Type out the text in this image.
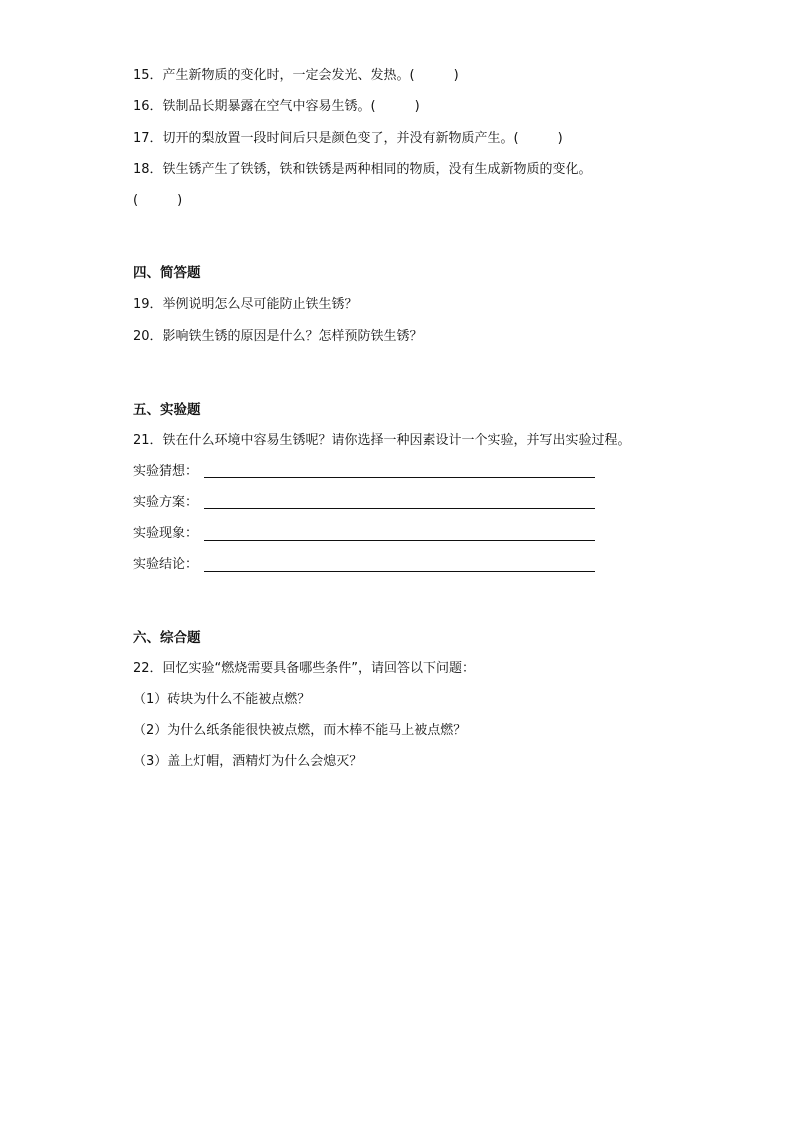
15．产生新物质的变化时，一定会发光、发热。(　　　)
16．铁制品长期暴露在空气中容易生锈。(　　　)
17．切开的梨放置一段时间后只是颜色变了，并没有新物质产生。(　　　)
18．铁生锈产生了铁锈，铁和铁锈是两种相同的物质，没有生成新物质的变化。
(　　　)
四、简答题
19．举例说明怎么尽可能防止铁生锈？
20．影响铁生锈的原因是什么？怎样预防铁生锈？
五、实验题
21．铁在什么环境中容易生锈呢？请你选择一种因素设计一个实验，并写出实验过程。
实验猜想：
实验方案：
实验现象：
实验结论：
六、综合题
22．回忆实验“燃烧需要具备哪些条件”，请回答以下问题：
（1）砖块为什么不能被点燃？
（2）为什么纸条能很快被点燃，而木棒不能马上被点燃？
（3）盖上灯帽，酒精灯为什么会熄灭？
